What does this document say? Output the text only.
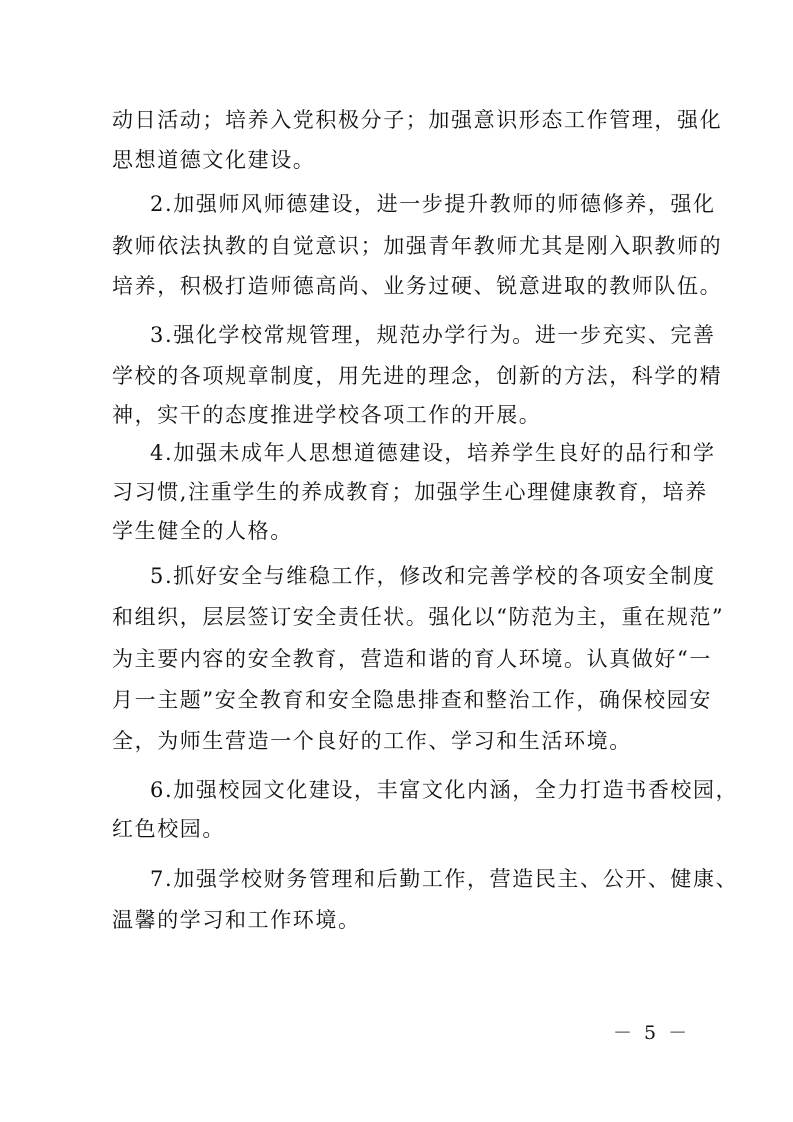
动日活动；培养入党积极分子；加强意识形态工作管理，强化
思想道德文化建设。
2.加强师风师德建设，进一步提升教师的师德修养，强化
教师依法执教的自觉意识；加强青年教师尤其是刚入职教师的
培养，积极打造师德高尚、业务过硬、锐意进取的教师队伍。
3.强化学校常规管理，规范办学行为。进一步充实、完善
学校的各项规章制度，用先进的理念，创新的方法，科学的精
神，实干的态度推进学校各项工作的开展。
4.加强未成年人思想道德建设，培养学生良好的品行和学
习习惯,注重学生的养成教育；加强学生心理健康教育，培养
学生健全的人格。
5.抓好安全与维稳工作，修改和完善学校的各项安全制度
和组织，层层签订安全责任状。强化以“防范为主，重在规范”
为主要内容的安全教育，营造和谐的育人环境。认真做好“一
月一主题”安全教育和安全隐患排查和整治工作，确保校园安
全，为师生营造一个良好的工作、学习和生活环境。
6.加强校园文化建设，丰富文化内涵，全力打造书香校园，
红色校园。
7.加强学校财务管理和后勤工作，营造民主、公开、健康、
温馨的学习和工作环境。
－ 5 －
